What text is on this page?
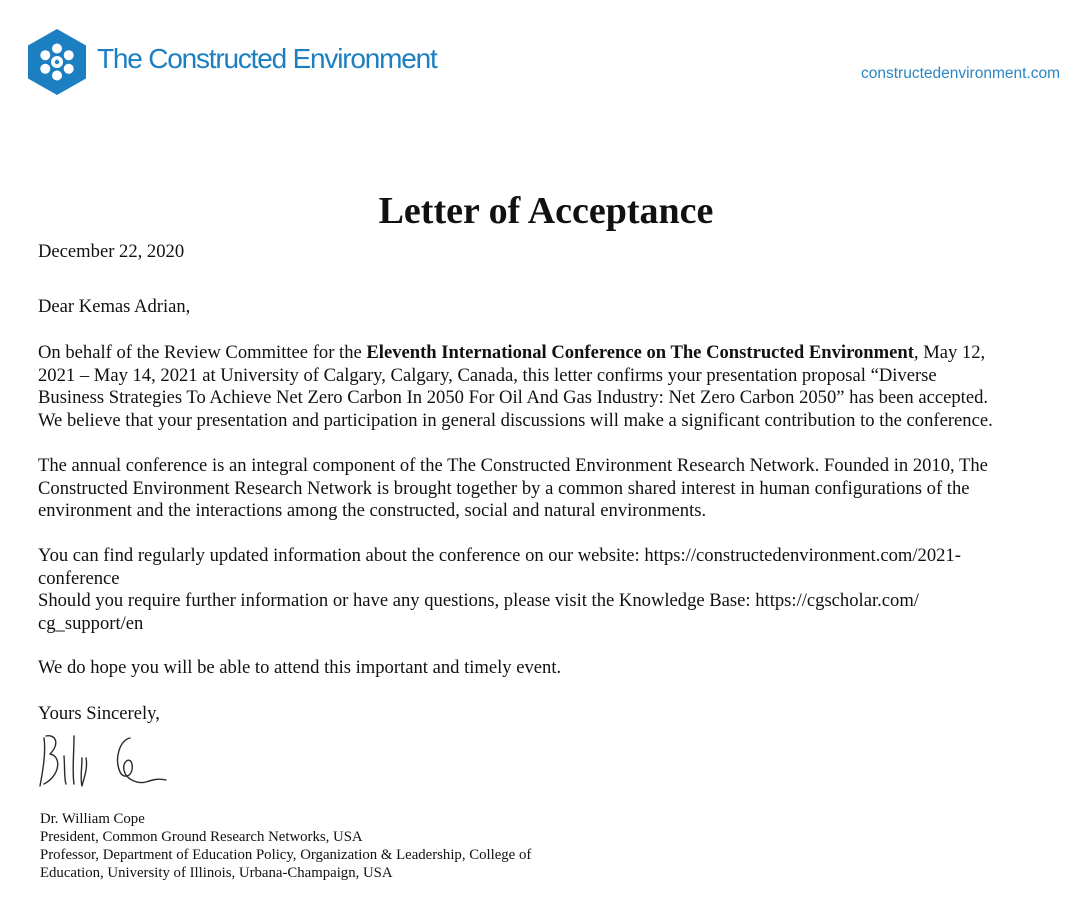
The Constructed Environment	constructedenvironment.com
Letter of Acceptance
December 22, 2020
Dear Kemas Adrian,
On behalf of the Review Committee for the Eleventh International Conference on The Constructed Environment, May 12,
2021 – May 14, 2021 at University of Calgary, Calgary, Canada, this letter confirms your presentation proposal “Diverse
Business Strategies To Achieve Net Zero Carbon In 2050 For Oil And Gas Industry: Net Zero Carbon 2050” has been accepted.
We believe that your presentation and participation in general discussions will make a significant contribution to the conference.
The annual conference is an integral component of the The Constructed Environment Research Network. Founded in 2010, The
Constructed Environment Research Network is brought together by a common shared interest in human configurations of the
environment and the interactions among the constructed, social and natural environments.
You can find regularly updated information about the conference on our website: https://constructedenvironment.com/2021-
conference
Should you require further information or have any questions, please visit the Knowledge Base: https://cgscholar.com/
cg_support/en
We do hope you will be able to attend this important and timely event.
Yours Sincerely,
Dr. William Cope
President, Common Ground Research Networks, USA
Professor, Department of Education Policy, Organization & Leadership, College of
Education, University of Illinois, Urbana-Champaign, USA
